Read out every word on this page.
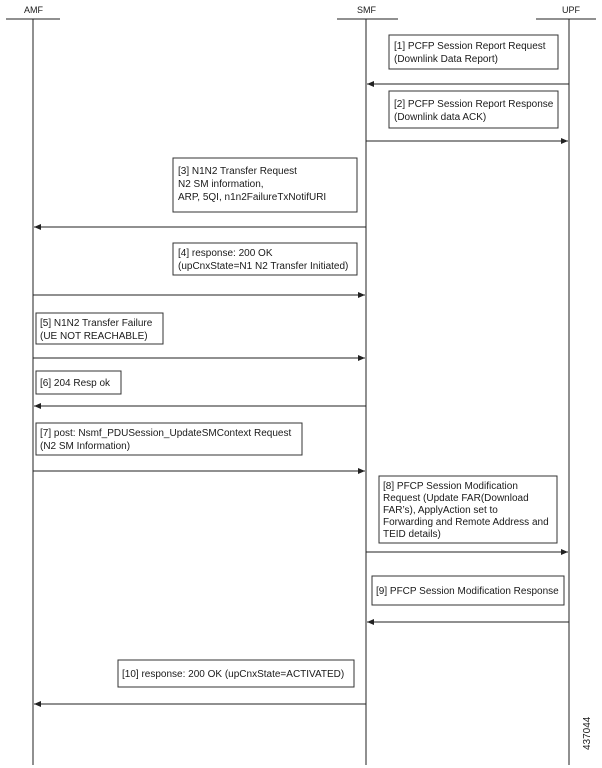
AMF	SMF	UPF
[1] PCFP Session Report Request
(Downlink Data Report)
[2] PCFP Session Report Response
(Downlink data ACK)
[3] N1N2 Transfer Request
N2 SM information,
ARP, 5QI, n1n2FailureTxNotifURI
[4] response: 200 OK
(upCnxState=N1 N2 Transfer Initiated)
[5] N1N2 Transfer Failure
(UE NOT REACHABLE)
[6] 204 Resp ok
[7] post: Nsmf_PDUSession_UpdateSMContext Request
(N2 SM Information)
[8] PFCP Session Modification
Request (Update FAR(Download
FAR’s), ApplyAction set to
Forwarding and Remote Address and
TEID details)
[9] PFCP Session Modification Response
[10] response: 200 OK (upCnxState=ACTIVATED)
437044
